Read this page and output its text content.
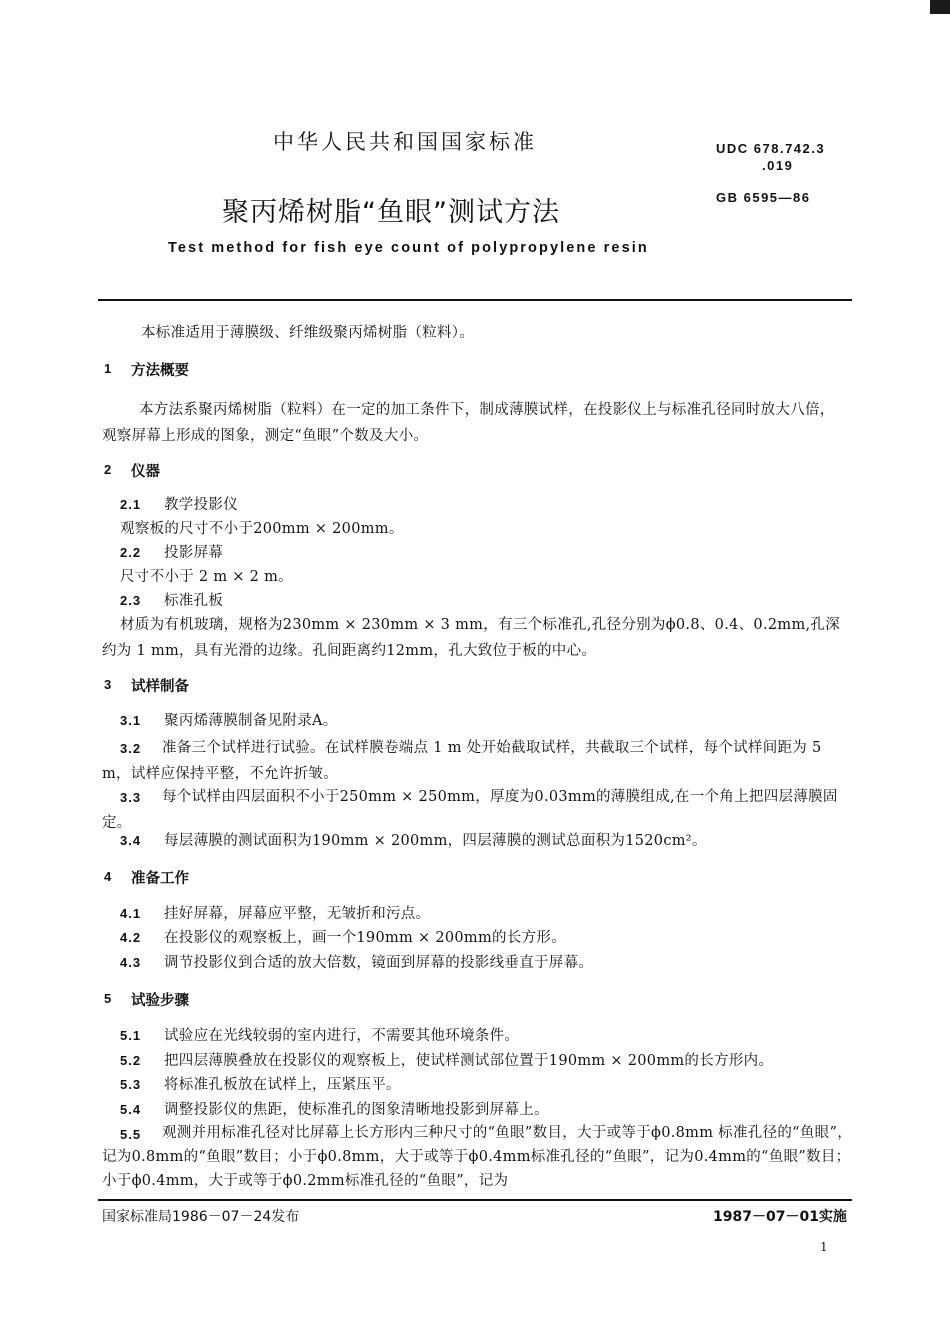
中华人民共和国国家标准
聚丙烯树脂“鱼眼”测试方法
Test method for fish eye count of polypropylene resin
UDC 678.742.3
.019
GB 6595—86
本标准适用于薄膜级、纤维级聚丙烯树脂（粒料）。
1 方法概要
本方法系聚丙烯树脂（粒料）在一定的加工条件下，制成薄膜试样，在投影仪上与标准孔径同时放大八倍，观察屏幕上形成的图象，测定“鱼眼”个数及大小。
2 仪器
2.1 教学投影仪
观察板的尺寸不小于200mm × 200mm。
2.2 投影屏幕
尺寸不小于 2 m × 2 m。
2.3 标准孔板
材质为有机玻璃，规格为230mm × 230mm × 3 mm，有三个标准孔,孔径分别为ϕ0.8、0.4、0.2mm,孔深约为 1 mm，具有光滑的边缘。孔间距离约12mm，孔大致位于板的中心。
3 试样制备
3.1 聚丙烯薄膜制备见附录A。
3.2	准备三个试样进行试验。在试样膜卷端点 1 m 处开始截取试样，共截取三个试样，每个试样间距为 5 m，试样应保持平整，不允许折皱。
3.3	每个试样由四层面积不小于250mm × 250mm，厚度为0.03mm的薄膜组成,在一个角上把四层薄膜固定。
3.4 每层薄膜的测试面积为190mm × 200mm，四层薄膜的测试总面积为1520cm²。
4 准备工作
4.1 挂好屏幕，屏幕应平整，无皱折和污点。
4.2 在投影仪的观察板上，画一个190mm × 200mm的长方形。
4.3 调节投影仪到合适的放大倍数，镜面到屏幕的投影线垂直于屏幕。
5 试验步骤
5.1 试验应在光线较弱的室内进行，不需要其他环境条件。
5.2 把四层薄膜叠放在投影仪的观察板上，使试样测试部位置于190mm × 200mm的长方形内。
5.3 将标准孔板放在试样上，压紧压平。
5.4 调整投影仪的焦距，使标准孔的图象清晰地投影到屏幕上。
5.5	观测并用标准孔径对比屏幕上长方形内三种尺寸的“鱼眼”数目，大于或等于ϕ0.8mm 标准孔径的“鱼眼”，记为0.8mm的“鱼眼”数目；小于ϕ0.8mm，大于或等于ϕ0.4mm标准孔径的“鱼眼”，记为0.4mm的“鱼眼”数目；小于ϕ0.4mm，大于或等于ϕ0.2mm标准孔径的“鱼眼”，记为
国家标准局1986－07－24发布	1987－07－01实施
1
